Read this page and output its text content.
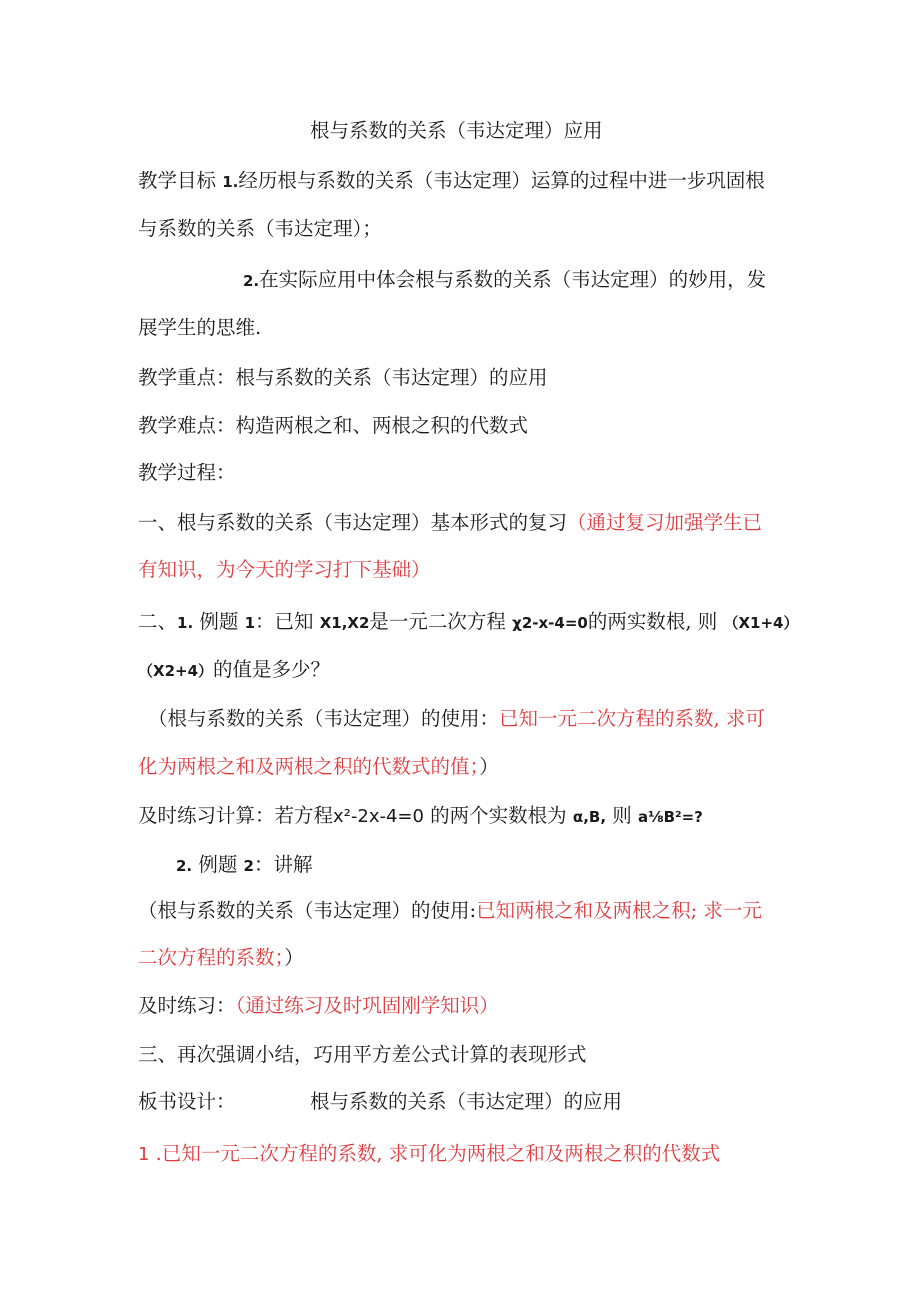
根与系数的关系（韦达定理）应用
教学目标 1.经历根与系数的关系（韦达定理）运算的过程中进一步巩固根
与系数的关系（韦达定理）；
2.在实际应用中体会根与系数的关系（韦达定理）的妙用，发
展学生的思维.
教学重点：根与系数的关系（韦达定理）的应用
教学难点：构造两根之和、两根之积的代数式
教学过程：
一、根与系数的关系（韦达定理）基本形式的复习（通过复习加强学生已
有知识，为今天的学习打下基础）
二、1. 例题 1：已知 X1,X2是一元二次方程 χ2-x-4=0的两实数根, 则 （X1+4）
（X2+4）的值是多少？
（根与系数的关系（韦达定理）的使用：已知一元二次方程的系数, 求可
化为两根之和及两根之积的代数式的值；）
及时练习计算：若方程x²-2x-4=0 的两个实数根为 α,B, 则 a⅛B²=?
2. 例题 2：讲解
（根与系数的关系（韦达定理）的使用:已知两根之和及两根之积; 求一元
二次方程的系数；）
及时练习：（通过练习及时巩固刚学知识）
三、再次强调小结，巧用平方差公式计算的表现形式
板书设计：	根与系数的关系（韦达定理）的应用
1 .已知一元二次方程的系数, 求可化为两根之和及两根之积的代数式
